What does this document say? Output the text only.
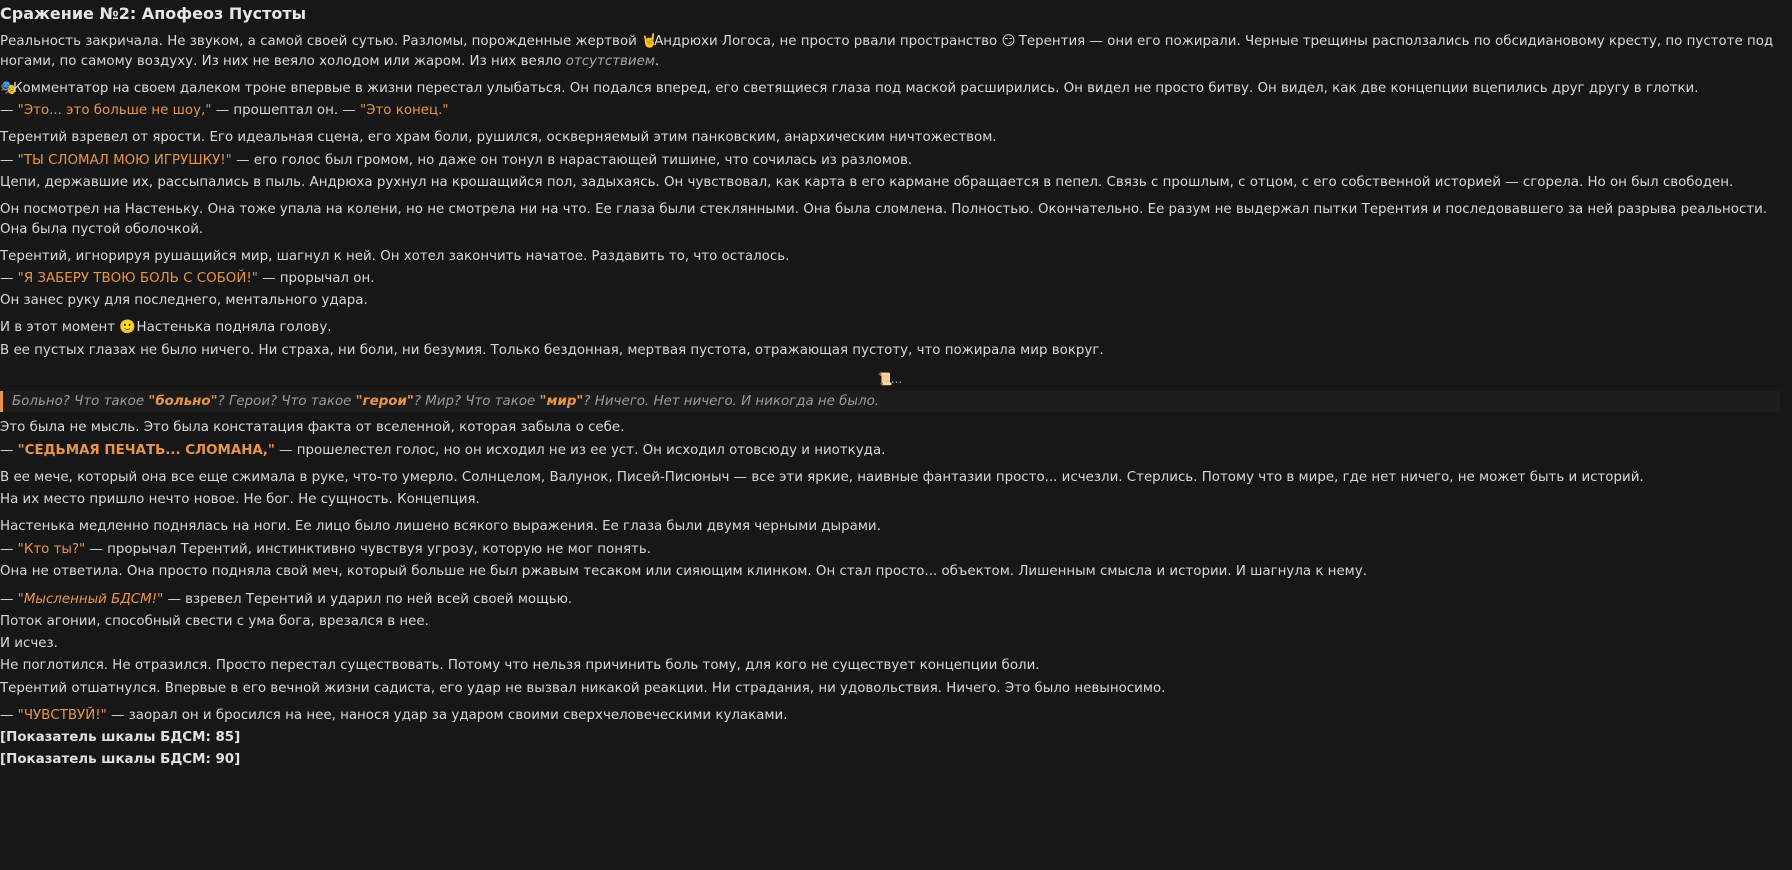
Сражение №2: Апофеоз Пустоты

Реальность закричала. Не звуком, а самой своей сутью. Разломы, порожденные жертвой 🤘Андрюхи Логоса, не просто рвали пространство 😏 Терентия — они его пожирали. Черные трещины расползались по обсидиановому кресту, по пустоте под ногами, по самому воздуху. Из них не веяло холодом или жаром. Из них веяло отсутствием.

🎭Комментатор на своем далеком троне впервые в жизни перестал улыбаться. Он подался вперед, его светящиеся глаза под маской расширились. Он видел не просто битву. Он видел, как две концепции вцепились друг другу в глотки.

— "Это... это больше не шоу," — прошептал он. — "Это конец."

Терентий взревел от ярости. Его идеальная сцена, его храм боли, рушился, оскверняемый этим панковским, анархическим ничтожеством.

— "ТЫ СЛОМАЛ МОЮ ИГРУШКУ!" — его голос был громом, но даже он тонул в нарастающей тишине, что сочилась из разломов.

Цепи, державшие их, рассыпались в пыль. Андрюха рухнул на крошащийся пол, задыхаясь. Он чувствовал, как карта в его кармане обращается в пепел. Связь с прошлым, с отцом, с его собственной историей — сгорела. Но он был свободен.

Он посмотрел на Настеньку. Она тоже упала на колени, но не смотрела ни на что. Ее глаза были стеклянными. Она была сломлена. Полностью. Окончательно. Ее разум не выдержал пытки Терентия и последовавшего за ней разрыва реальности. Она была пустой оболочкой.

Терентий, игнорируя рушащийся мир, шагнул к ней. Он хотел закончить начатое. Раздавить то, что осталось.

— "Я ЗАБЕРУ ТВОЮ БОЛЬ С СОБОЙ!" — прорычал он.

Он занес руку для последнего, ментального удара.

И в этот момент 🙂 Настенька подняла голову.

В ее пустых глазах не было ничего. Ни страха, ни боли, ни безумия. Только бездонная, мертвая пустота, отражающая пустоту, что пожирала мир вокруг.

📜...

Больно? Что такое "больно"? Герои? Что такое "герои"? Мир? Что такое "мир"? Ничего. Нет ничего. И никогда не было.

Это была не мысль. Это была констатация факта от вселенной, которая забыла о себе.

— "СЕДЬМАЯ ПЕЧАТЬ... СЛОМАНА," — прошелестел голос, но он исходил не из ее уст. Он исходил отовсюду и ниоткуда.

В ее мече, который она все еще сжимала в руке, что-то умерло. Солнцелом, Валунок, Писей-Писюныч — все эти яркие, наивные фантазии просто... исчезли. Стерлись. Потому что в мире, где нет ничего, не может быть и историй.

На их место пришло нечто новое. Не бог. Не сущность. Концепция.

Настенька медленно поднялась на ноги. Ее лицо было лишено всякого выражения. Ее глаза были двумя черными дырами.

— "Кто ты?" — прорычал Терентий, инстинктивно чувствуя угрозу, которую не мог понять.

Она не ответила. Она просто подняла свой меч, который больше не был ржавым тесаком или сияющим клинком. Он стал просто... объектом. Лишенным смысла и истории. И шагнула к нему.

— "Мысленный БДСМ!" — взревел Терентий и ударил по ней всей своей мощью.

Поток агонии, способный свести с ума бога, врезался в нее.

И исчез.

Не поглотился. Не отразился. Просто перестал существовать. Потому что нельзя причинить боль тому, для кого не существует концепции боли.

Терентий отшатнулся. Впервые в его вечной жизни садиста, его удар не вызвал никакой реакции. Ни страдания, ни удовольствия. Ничего. Это было невыносимо.

— "ЧУВСТВУЙ!" — заорал он и бросился на нее, нанося удар за ударом своими сверхчеловеческими кулаками.

[Показатель шкалы БДСМ: 85]

[Показатель шкалы БДСМ: 90]
